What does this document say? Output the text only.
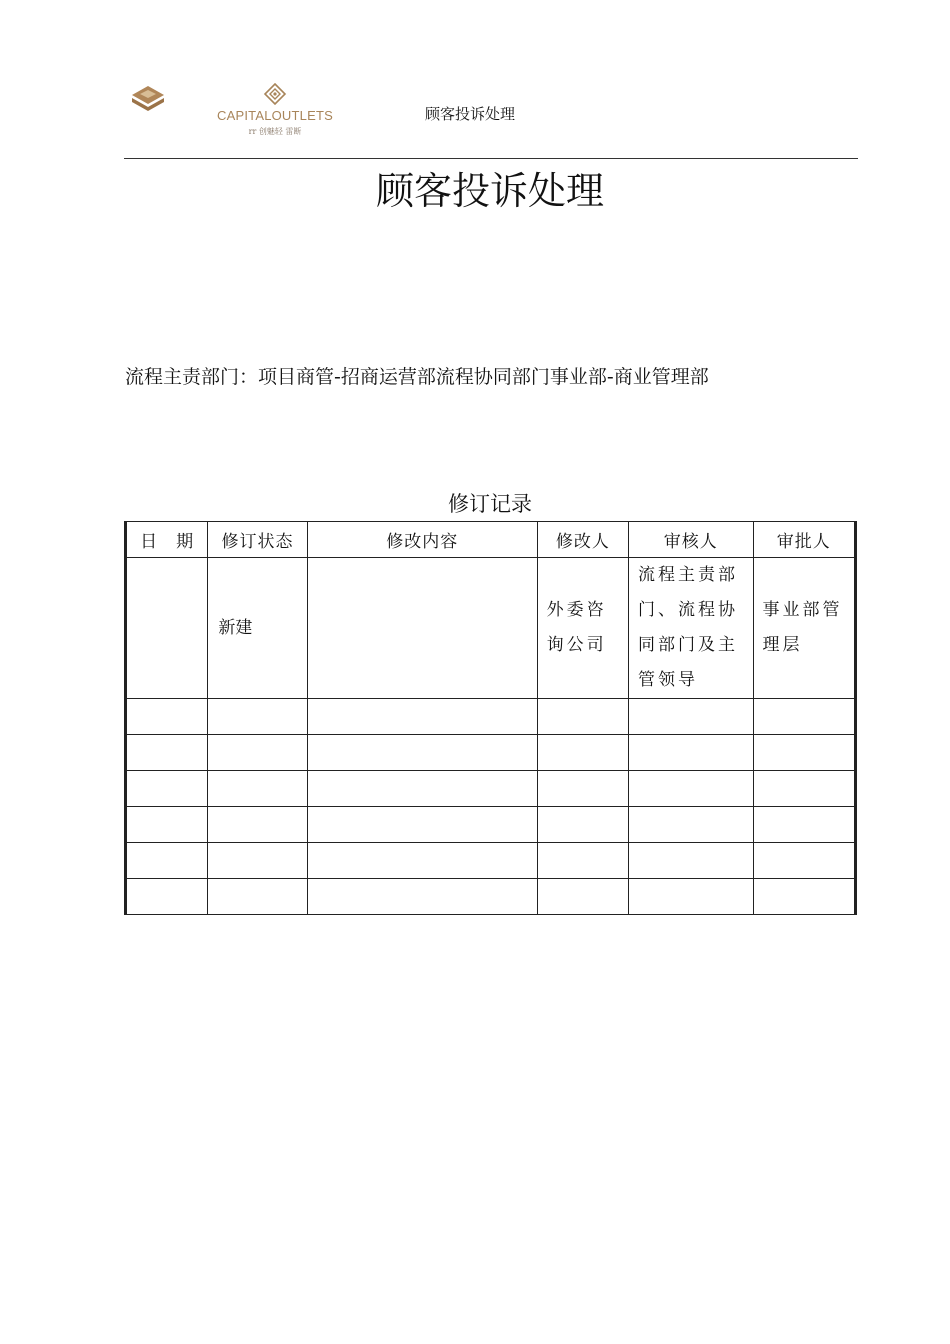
CAPITALOUTLETS
rr 创魅轻 雷断
顾客投诉处理
顾客投诉处理
流程主责部门：项目商管-招商运营部流程协同部门事业部-商业管理部
修订记录
日　期	修订状态	修改内容	修改人	审核人	审批人
	新建		外委咨询公司	流程主责部门、流程协同部门及主管领导	事业部管理层
